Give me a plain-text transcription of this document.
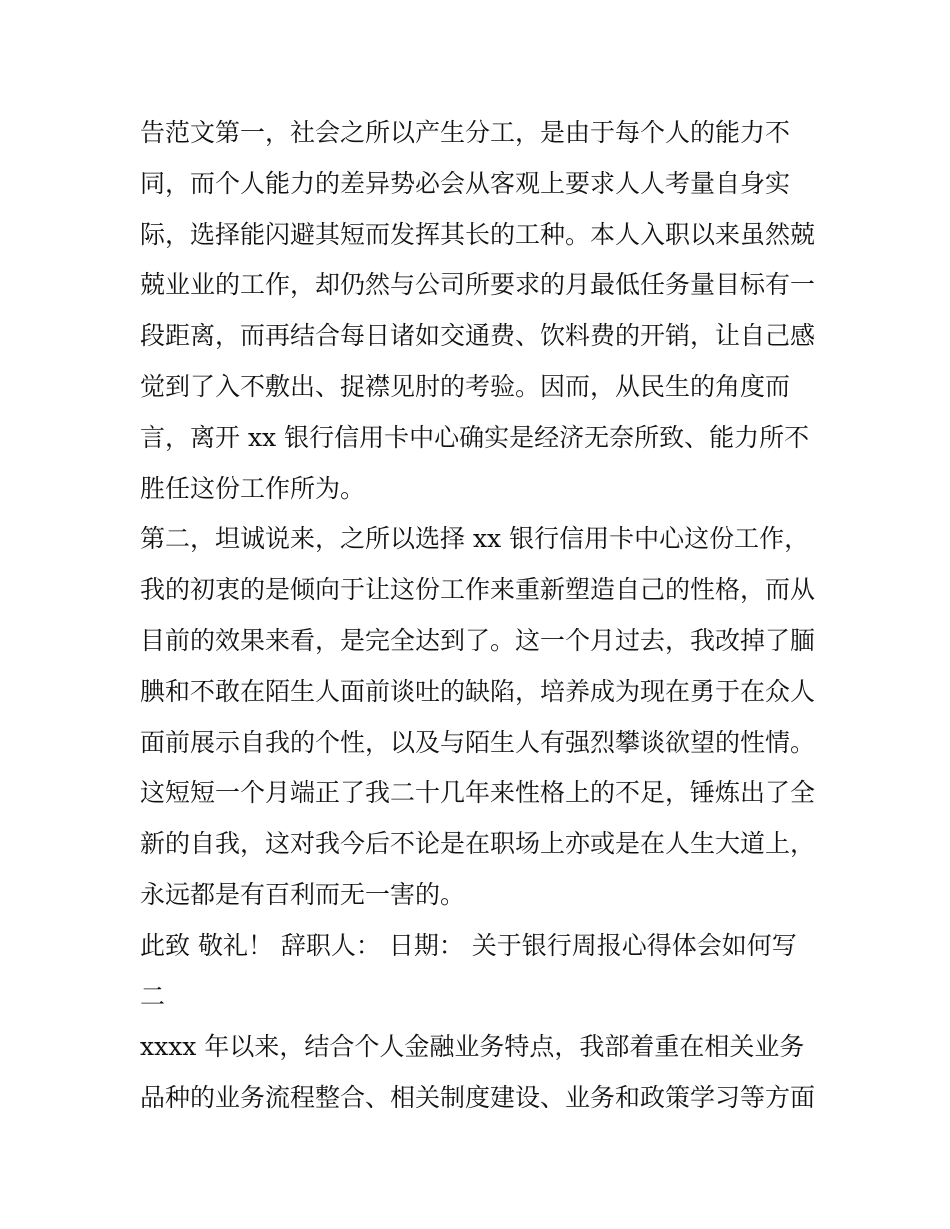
告范文第一，社会之所以产生分工，是由于每个人的能力不
同，而个人能力的差异势必会从客观上要求人人考量自身实
际，选择能闪避其短而发挥其长的工种。本人入职以来虽然兢
兢业业的工作，却仍然与公司所要求的月最低任务量目标有一
段距离，而再结合每日诸如交通费、饮料费的开销，让自己感
觉到了入不敷出、捉襟见肘的考验。因而，从民生的角度而
言，离开 xx 银行信用卡中心确实是经济无奈所致、能力所不
胜任这份工作所为。
第二，坦诚说来，之所以选择 xx 银行信用卡中心这份工作，
我的初衷的是倾向于让这份工作来重新塑造自己的性格，而从
目前的效果来看，是完全达到了。这一个月过去，我改掉了腼
腆和不敢在陌生人面前谈吐的缺陷，培养成为现在勇于在众人
面前展示自我的个性，以及与陌生人有强烈攀谈欲望的性情。
这短短一个月端正了我二十几年来性格上的不足，锤炼出了全
新的自我，这对我今后不论是在职场上亦或是在人生大道上，
永远都是有百利而无一害的。
此致 敬礼！ 辞职人： 日期： 关于银行周报心得体会如何写
二
xxxx 年以来，结合个人金融业务特点，我部着重在相关业务
品种的业务流程整合、相关制度建设、业务和政策学习等方面
